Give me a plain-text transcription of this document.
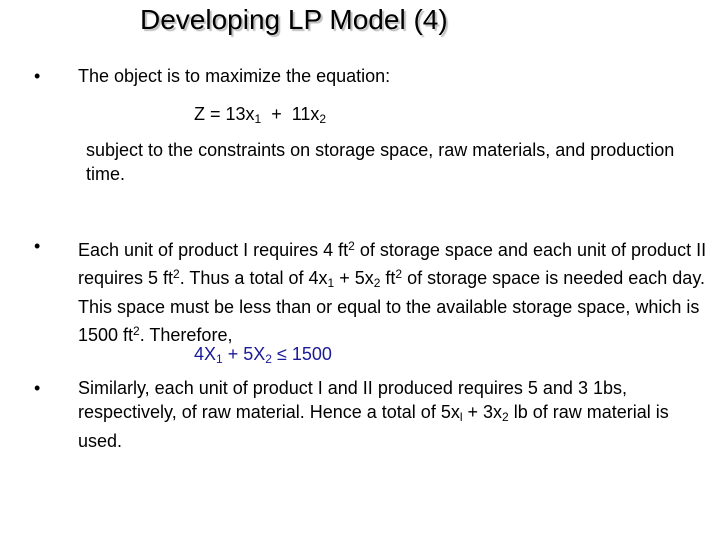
Developing LP Model (4)
• The object is to maximize the equation:
$Z = 13x_1 + 11x_2$
subject to the constraints on storage space, raw materials, and production time.
• Each unit of product I requires 4 $ft^2$ of storage space and each unit of product II requires 5 $ft^2$. Thus a total of $4x_1 + 5x_2$ $ft^2$ of storage space is needed each day. This space must be less than or equal to the available storage space, which is 1500 $ft^2$. Therefore,
$4X_1 + 5X_2 \le 1500$
• Similarly, each unit of product I and II produced requires 5 and 3 1bs, respectively, of raw material. Hence a total of $5x_l + 3x_2$ lb of raw material is used.
